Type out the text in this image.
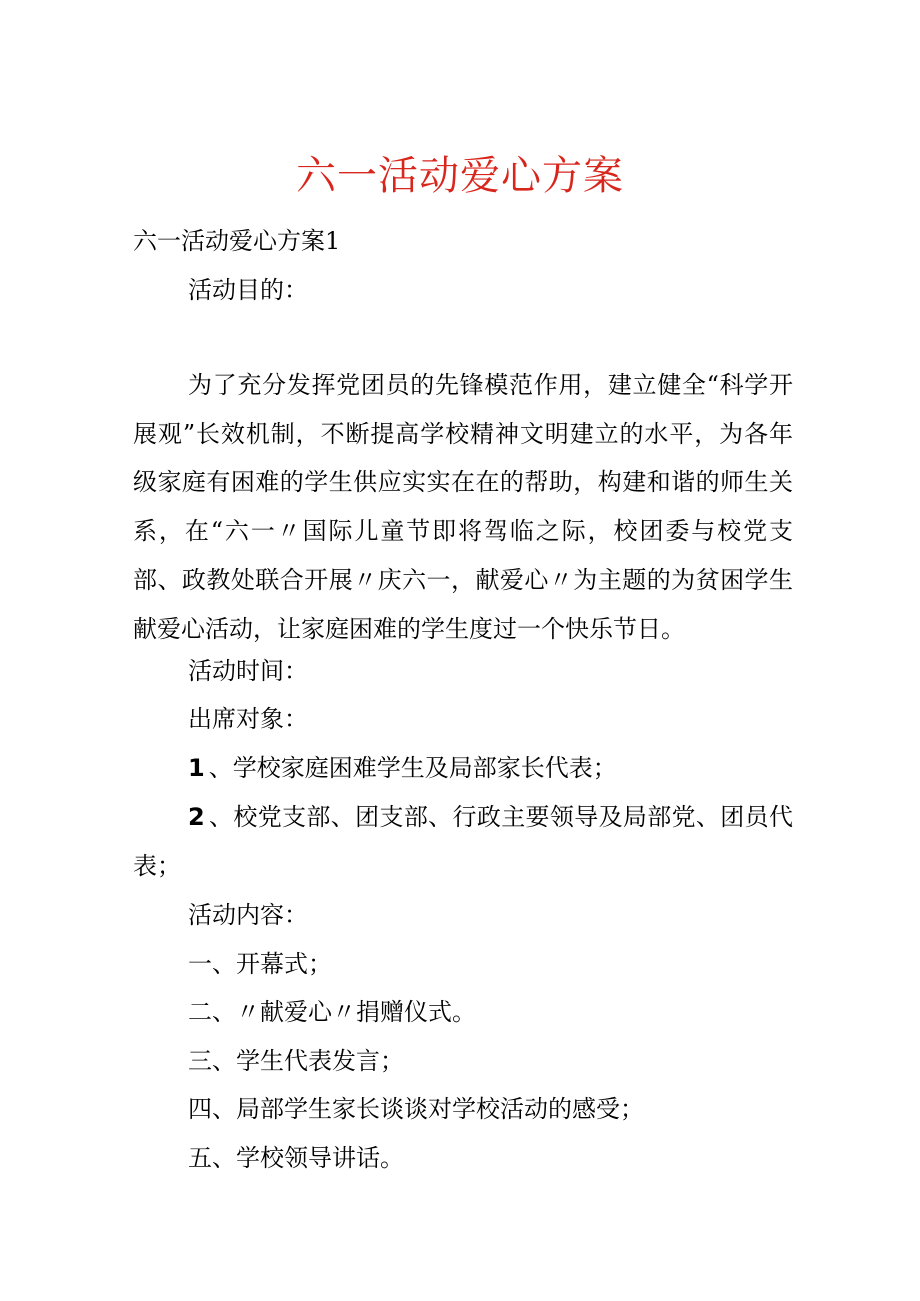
六一活动爱心方案
六一活动爱心方案1
活动目的：
为了充分发挥党团员的先锋模范作用，建立健全“科学开展观”长效机制，不断提高学校精神文明建立的水平，为各年级家庭有困难的学生供应实实在在的帮助，构建和谐的师生关系，在“六一〃国际儿童节即将驾临之际，校团委与校党支部、政教处联合开展〃庆六一，献爱心〃为主题的为贫困学生献爱心活动，让家庭困难的学生度过一个快乐节日。
活动时间：
出席对象：
1 、学校家庭困难学生及局部家长代表；
2 、校党支部、团支部、行政主要领导及局部党、团员代表；
活动内容：
一、开幕式；
二、〃献爱心〃捐赠仪式。
三、学生代表发言；
四、局部学生家长谈谈对学校活动的感受；
五、学校领导讲话。
